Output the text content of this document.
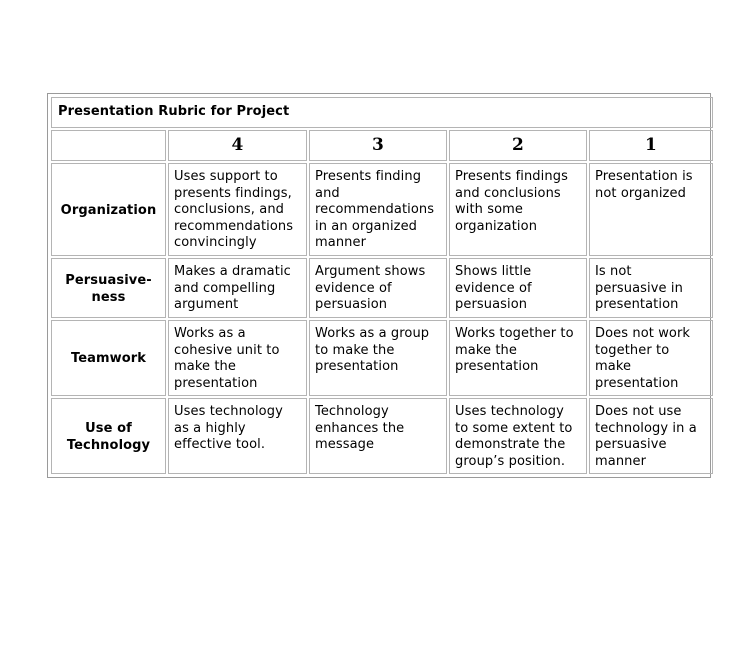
Presentation Rubric for Project				
	4	3	2	1
Organization	Uses support to presents findings, conclusions, and recommendations convincingly	Presents finding and recommendations in an organized manner	Presents findings and conclusions with some organization	Presentation is not organized
Persuasive-ness	Makes a dramatic and compelling argument	Argument shows evidence of persuasion	Shows little evidence of persuasion	Is not persuasive in presentation
Teamwork	Works as a cohesive unit to make the presentation	Works as a group to make the presentation	Works together to make the presentation	Does not work together to make presentation
Use of Technology	Uses technology as a highly effective tool.	Technology enhances the message	Uses technology to some extent to demonstrate the group’s position.	Does not use technology in a persuasive manner
